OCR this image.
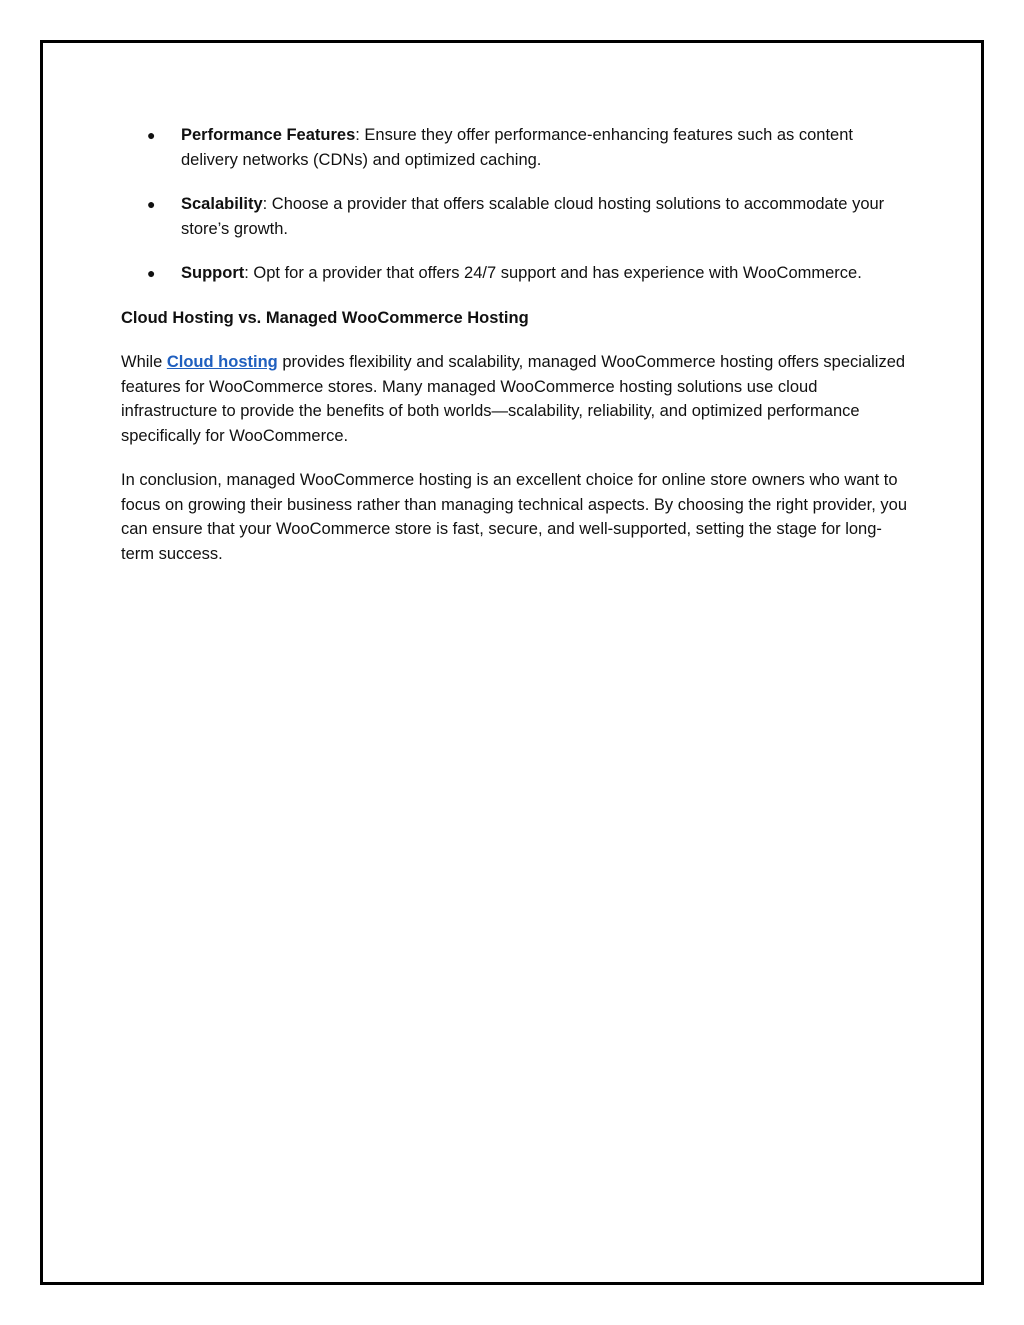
● Performance Features: Ensure they offer performance-enhancing features such as content delivery networks (CDNs) and optimized caching.
● Scalability: Choose a provider that offers scalable cloud hosting solutions to accommodate your store’s growth.
● Support: Opt for a provider that offers 24/7 support and has experience with WooCommerce.
Cloud Hosting vs. Managed WooCommerce Hosting

While Cloud hosting provides flexibility and scalability, managed WooCommerce hosting offers specialized features for WooCommerce stores. Many managed WooCommerce hosting solutions use cloud infrastructure to provide the benefits of both worlds—scalability, reliability, and optimized performance specifically for WooCommerce.

In conclusion, managed WooCommerce hosting is an excellent choice for online store owners who want to focus on growing their business rather than managing technical aspects. By choosing the right provider, you can ensure that your WooCommerce store is fast, secure, and well-supported, setting the stage for long-term success.
